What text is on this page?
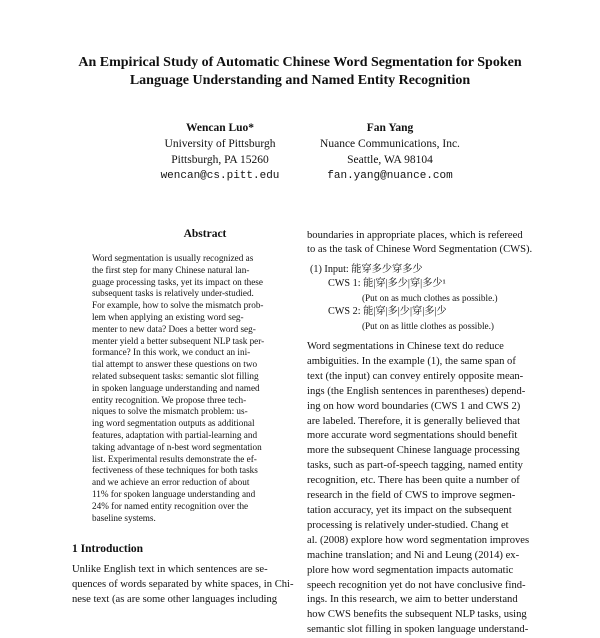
An Empirical Study of Automatic Chinese Word Segmentation for Spoken
Language Understanding and Named Entity Recognition
Wencan Luo*
University of Pittsburgh
Pittsburgh, PA 15260
wencan@cs.pitt.edu
Fan Yang
Nuance Communications, Inc.
Seattle, WA 98104
fan.yang@nuance.com
Abstract
Word segmentation is usually recognized as
the first step for many Chinese natural lan-
guage processing tasks, yet its impact on these
subsequent tasks is relatively under-studied.
For example, how to solve the mismatch prob-
lem when applying an existing word seg-
menter to new data? Does a better word seg-
menter yield a better subsequent NLP task per-
formance? In this work, we conduct an ini-
tial attempt to answer these questions on two
related subsequent tasks: semantic slot filling
in spoken language understanding and named
entity recognition. We propose three tech-
niques to solve the mismatch problem: us-
ing word segmentation outputs as additional
features, adaptation with partial-learning and
taking advantage of n-best word segmentation
list. Experimental results demonstrate the ef-
fectiveness of these techniques for both tasks
and we achieve an error reduction of about
11% for spoken language understanding and
24% for named entity recognition over the
baseline systems.
1 Introduction
Unlike English text in which sentences are se-
quences of words separated by white spaces, in Chi-
nese text (as are some other languages including
boundaries in appropriate places, which is refereed
to as the task of Chinese Word Segmentation (CWS).
(1) Input: 能穿多少穿多少
CWS 1: 能|穿|多少|穿|多少¹
(Put on as much clothes as possible.)
CWS 2: 能|穿|多|少|穿|多|少
(Put on as little clothes as possible.)
Word segmentations in Chinese text do reduce
ambiguities. In the example (1), the same span of
text (the input) can convey entirely opposite mean-
ings (the English sentences in parentheses) depend-
ing on how word boundaries (CWS 1 and CWS 2)
are labeled. Therefore, it is generally believed that
more accurate word segmentations should benefit
more the subsequent Chinese language processing
tasks, such as part-of-speech tagging, named entity
recognition, etc. There has been quite a number of
research in the field of CWS to improve segmen-
tation accuracy, yet its impact on the subsequent
processing is relatively under-studied. Chang et
al. (2008) explore how word segmentation improves
machine translation; and Ni and Leung (2014) ex-
plore how word segmentation impacts automatic
speech recognition yet do not have conclusive find-
ings. In this research, we aim to better understand
how CWS benefits the subsequent NLP tasks, using
semantic slot filling in spoken language understand-
